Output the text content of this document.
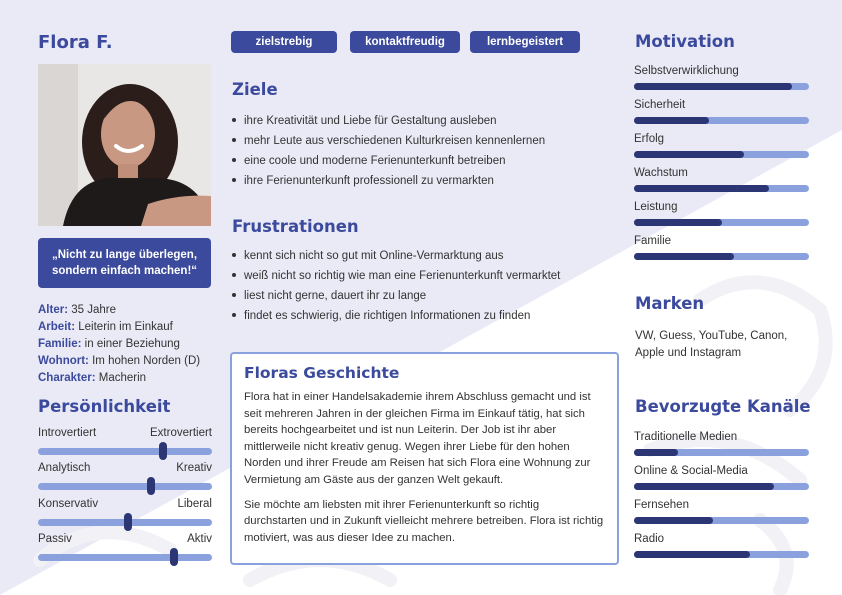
Flora F.
„Nicht zu lange überlegen, sondern einfach machen!“
Alter: 35 Jahre
Arbeit: Leiterin im Einkauf
Familie: in einer Beziehung
Wohnort: Im hohen Norden (D)
Charakter: Macherin
Persönlichkeit
Introvertiert	Extrovertiert
Analytisch	Kreativ
Konservativ	Liberal
Passiv	Aktiv
zielstrebig	kontaktfreudig	lernbegeistert
Ziele
ihre Kreativität und Liebe für Gestaltung ausleben
mehr Leute aus verschiedenen Kulturkreisen kennenlernen
eine coole und moderne Ferienunterkunft betreiben
ihre Ferienunterkunft professionell zu vermarkten
Frustrationen
kennt sich nicht so gut mit Online-Vermarktung aus
weiß nicht so richtig wie man eine Ferienunterkunft vermarktet
liest nicht gerne, dauert ihr zu lange
findet es schwierig, die richtigen Informationen zu finden
Floras Geschichte

Flora hat in einer Handelsakademie ihrem Abschluss gemacht und ist seit mehreren Jahren in der gleichen Firma im Einkauf tätig, hat sich bereits hochgearbeitet und ist nun Leiterin. Der Job ist ihr aber mittlerweile nicht kreativ genug. Wegen ihrer Liebe für den hohen Norden und ihrer Freude am Reisen hat sich Flora eine Wohnung zur Vermietung am Gäste aus der ganzen Welt gekauft.

Sie möchte am liebsten mit ihrer Ferienunterkunft so richtig durchstarten und in Zukunft vielleicht mehrere betreiben. Flora ist richtig motiviert, was aus dieser Idee zu machen.

Motivation
Selbstverwirklichung
Sicherheit
Erfolg
Wachstum
Leistung
Familie
Marken
VW, Guess, YouTube, Canon, Apple und Instagram
Bevorzugte Kanäle
Traditionelle Medien
Online & Social-Media
Fernsehen
Radio
